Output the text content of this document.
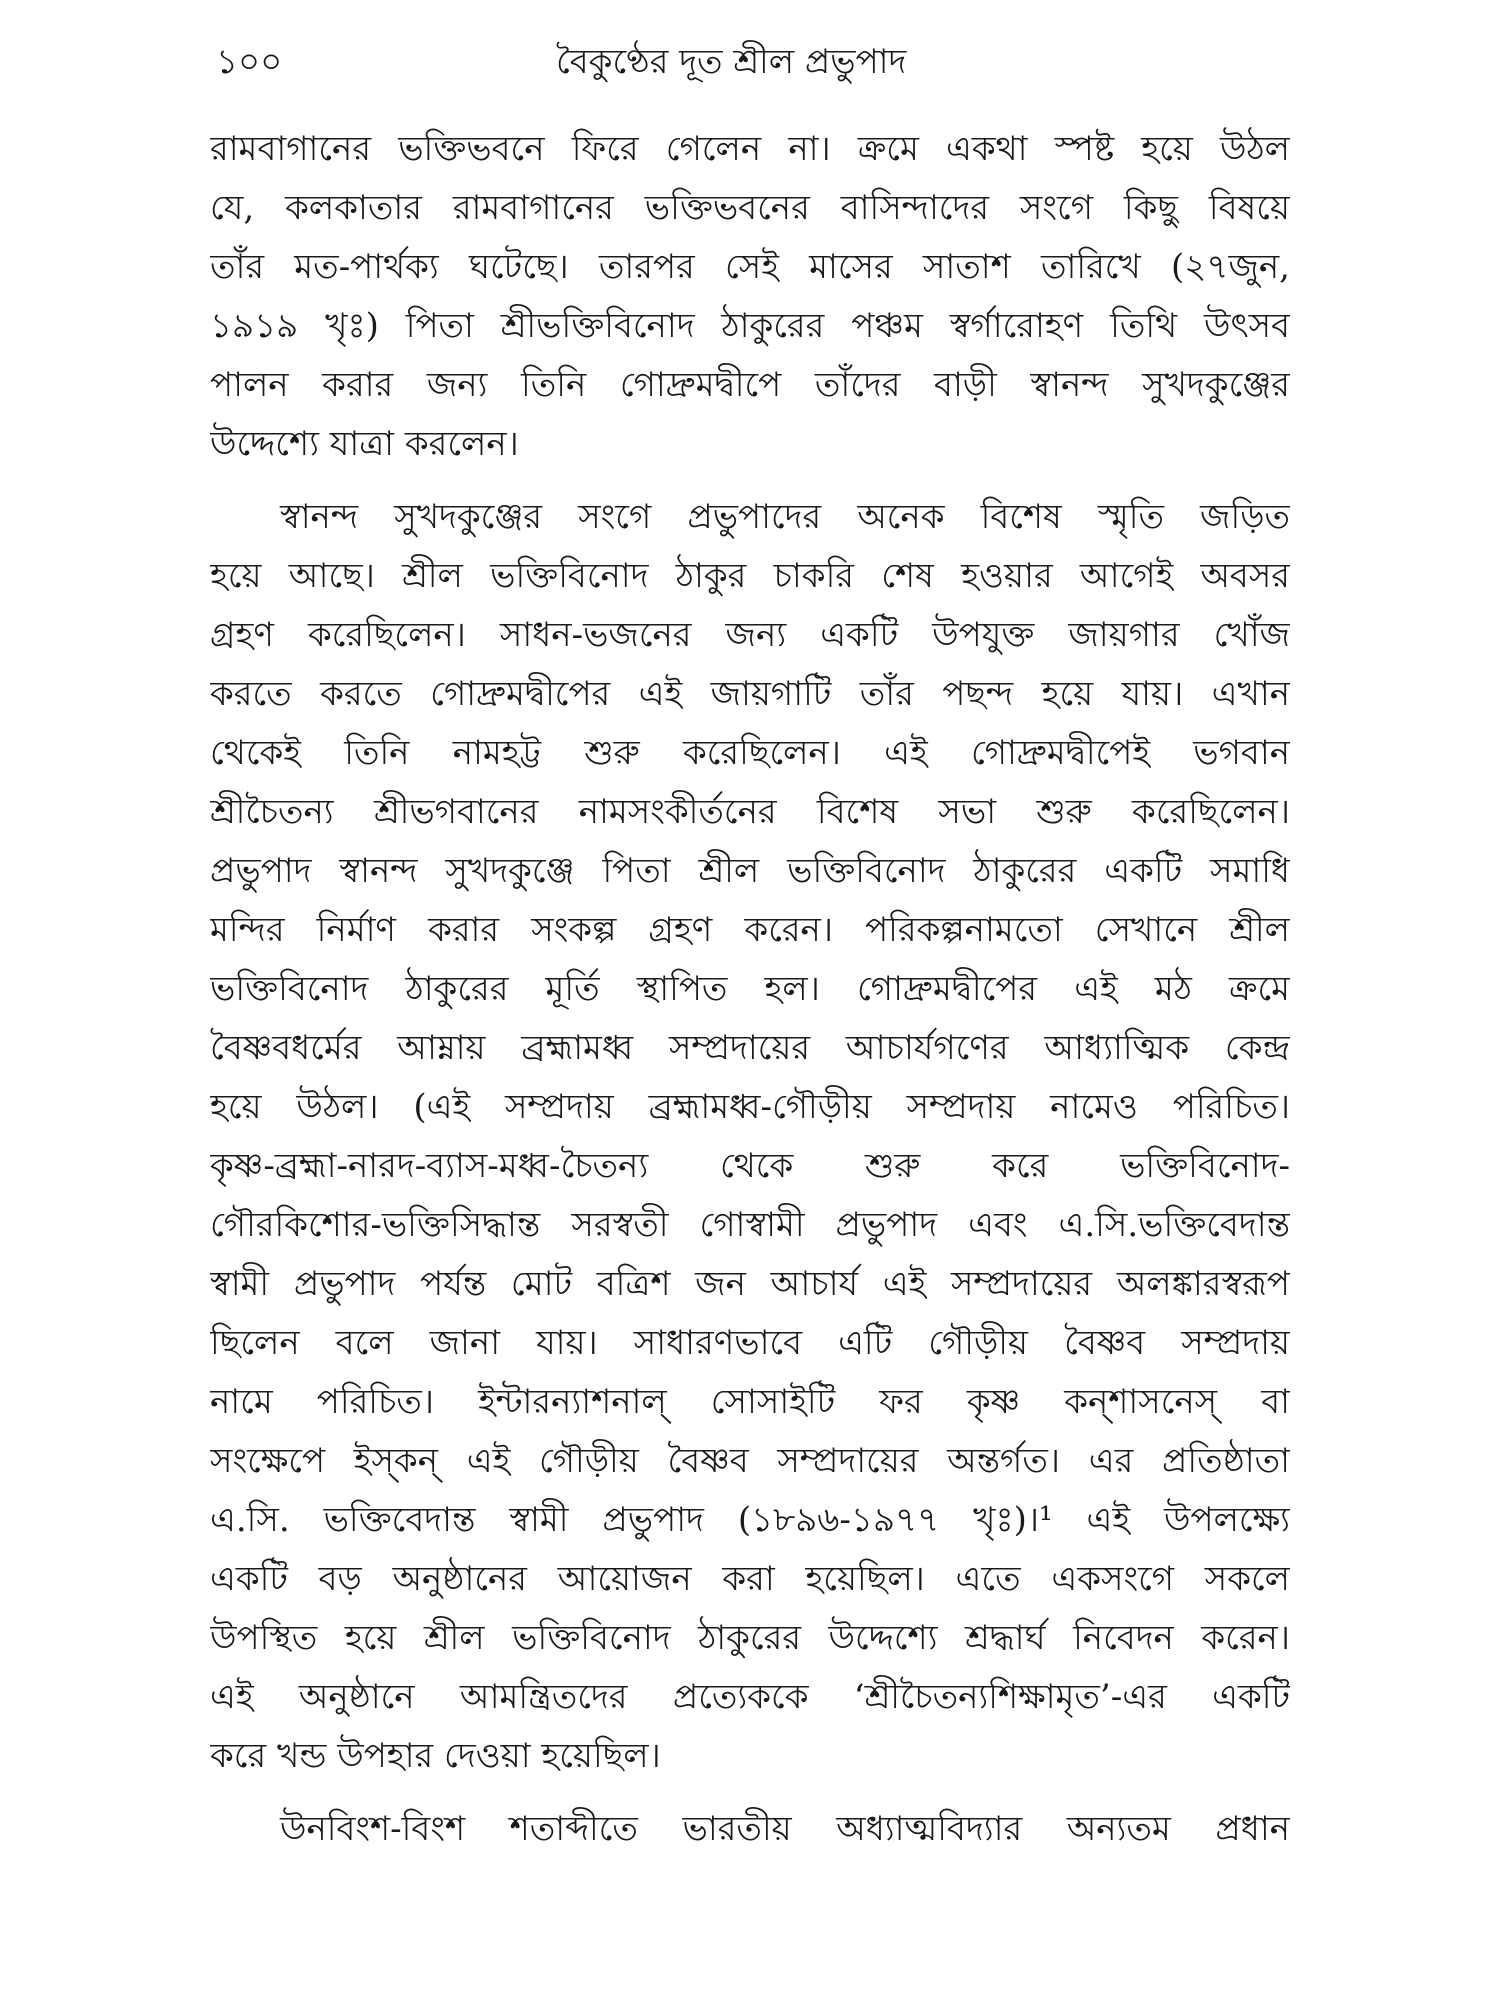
১০০	বৈকুণ্ঠের দূত শ্রীল প্রভুপাদ
রামবাগানের ভক্তিভবনে ফিরে গেলেন না। ক্রমে একথা স্পষ্ট হয়ে উঠল
যে, কলকাতার রামবাগানের ভক্তিভবনের বাসিন্দাদের সংগে কিছু বিষয়ে
তাঁর মত-পার্থক্য ঘটেছে। তারপর সেই মাসের সাতাশ তারিখে (২৭জুন,
১৯১৯ খৃঃ) পিতা শ্রীভক্তিবিনোদ ঠাকুরের পঞ্চম স্বর্গারোহণ তিথি উৎসব
পালন করার জন্য তিনি গোদ্রুমদ্বীপে তাঁদের বাড়ী স্বানন্দ সুখদকুঞ্জের
উদ্দেশ্যে যাত্রা করলেন।
স্বানন্দ সুখদকুঞ্জের সংগে প্রভুপাদের অনেক বিশেষ স্মৃতি জড়িত
হয়ে আছে। শ্রীল ভক্তিবিনোদ ঠাকুর চাকরি শেষ হওয়ার আগেই অবসর
গ্রহণ করেছিলেন। সাধন-ভজনের জন্য একটি উপযুক্ত জায়গার খোঁজ
করতে করতে গোদ্রুমদ্বীপের এই জায়গাটি তাঁর পছন্দ হয়ে যায়। এখান
থেকেই তিনি নামহট্ট শুরু করেছিলেন। এই গোদ্রুমদ্বীপেই ভগবান
শ্রীচৈতন্য শ্রীভগবানের নামসংকীর্তনের বিশেষ সভা শুরু করেছিলেন।
প্রভুপাদ স্বানন্দ সুখদকুঞ্জে পিতা শ্রীল ভক্তিবিনোদ ঠাকুরের একটি সমাধি
মন্দির নির্মাণ করার সংকল্প গ্রহণ করেন। পরিকল্পনামতো সেখানে শ্রীল
ভক্তিবিনোদ ঠাকুরের মূর্তি স্থাপিত হল। গোদ্রুমদ্বীপের এই মঠ ক্রমে
বৈষ্ণবধর্মের আম্নায় ব্রহ্মামধ্ব সম্প্রদায়ের আচার্যগণের আধ্যাত্মিক কেন্দ্র
হয়ে উঠল। (এই সম্প্রদায় ব্রহ্মামধ্ব-গৌড়ীয় সম্প্রদায় নামেও পরিচিত।
কৃষ্ণ-ব্রহ্মা-নারদ-ব্যাস-মধ্ব-চৈতন্য থেকে শুরু করে ভক্তিবিনোদ-
গৌরকিশোর-ভক্তিসিদ্ধান্ত সরস্বতী গোস্বামী প্রভুপাদ এবং এ.সি.ভক্তিবেদান্ত
স্বামী প্রভুপাদ পর্যন্ত মোট বত্রিশ জন আচার্য এই সম্প্রদায়ের অলঙ্কারস্বরূপ
ছিলেন বলে জানা যায়। সাধারণভাবে এটি গৌড়ীয় বৈষ্ণব সম্প্রদায়
নামে পরিচিত। ইন্টারন্যাশনাল্ সোসাইটি ফর কৃষ্ণ কন্‌শাসনেস্ বা
সংক্ষেপে ইস্‌কন্ এই গৌড়ীয় বৈষ্ণব সম্প্রদায়ের অন্তর্গত। এর প্রতিষ্ঠাতা
এ.সি. ভক্তিবেদান্ত স্বামী প্রভুপাদ (১৮৯৬-১৯৭৭ খৃঃ)।¹ এই উপলক্ষ্যে
একটি বড় অনুষ্ঠানের আয়োজন করা হয়েছিল। এতে একসংগে সকলে
উপস্থিত হয়ে শ্রীল ভক্তিবিনোদ ঠাকুরের উদ্দেশ্যে শ্রদ্ধার্ঘ নিবেদন করেন।
এই অনুষ্ঠানে আমন্ত্রিতদের প্রত্যেককে ‘শ্রীচৈতন্যশিক্ষামৃত’-এর একটি
করে খন্ড উপহার দেওয়া হয়েছিল।
উনবিংশ-বিংশ শতাব্দীতে ভারতীয় অধ্যাত্মবিদ্যার অন্যতম প্রধান
